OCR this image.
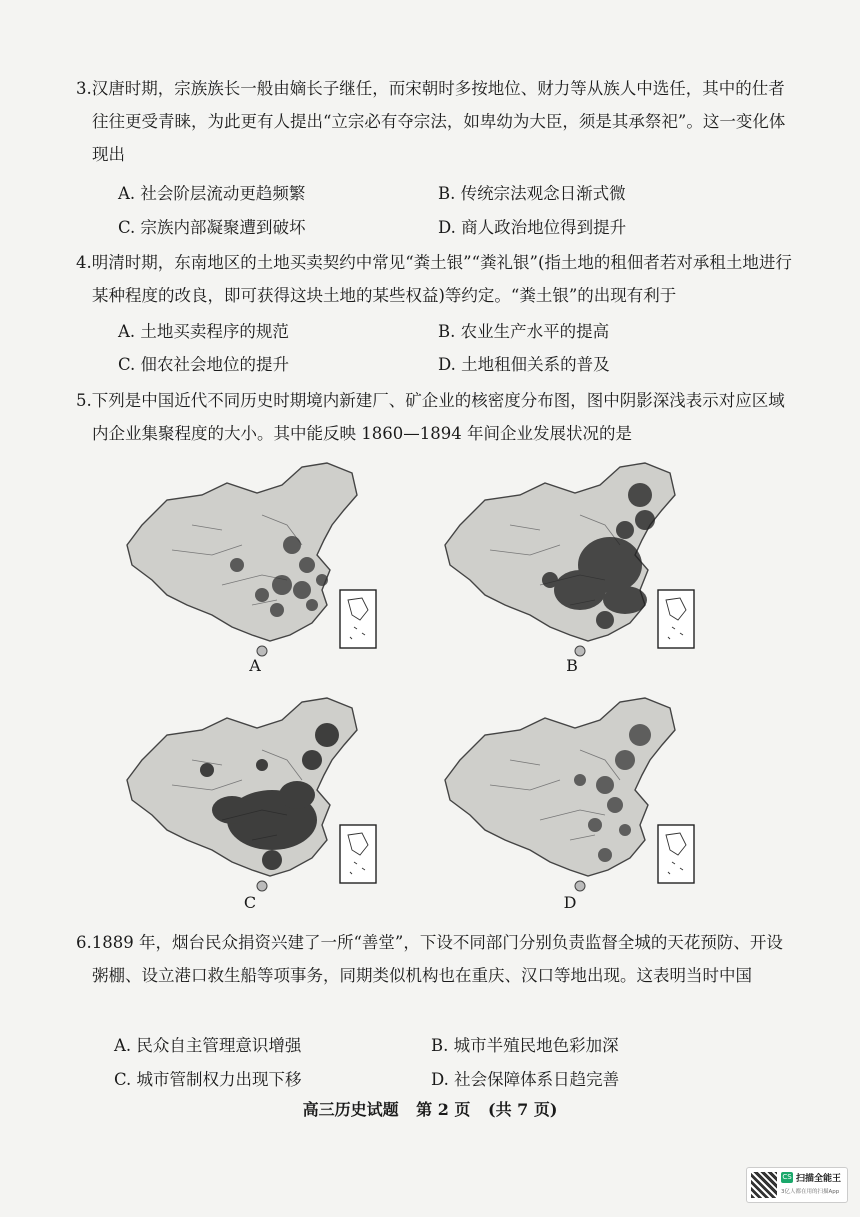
3.汉唐时期，宗族族长一般由嫡长子继任，而宋朝时多按地位、财力等从族人中选任，其中的仕者往往更受青睐，为此更有人提出“立宗必有夺宗法，如卑幼为大臣，须是其承祭祀”。这一变化体现出

A. 社会阶层流动更趋频繁	B. 传统宗法观念日渐式微
C. 宗族内部凝聚遭到破坏	D. 商人政治地位得到提升

4.明清时期，东南地区的土地买卖契约中常见“粪土银”“粪礼银”(指土地的租佃者若对承租土地进行某种程度的改良，即可获得这块土地的某些权益)等约定。“粪土银”的出现有利于

A. 土地买卖程序的规范	B. 农业生产水平的提高
C. 佃农社会地位的提升	D. 土地租佃关系的普及

5.下列是中国近代不同历史时期境内新建厂、矿企业的核密度分布图，图中阴影深浅表示对应区域内企业集聚程度的大小。其中能反映 1860—1894 年间企业发展状况的是

A	B
C	D

6.1889 年，烟台民众捐资兴建了一所“善堂”，下设不同部门分别负责监督全城的天花预防、开设粥棚、设立港口救生船等项事务，同期类似机构也在重庆、汉口等地出现。这表明当时中国

A. 民众自主管理意识增强	B. 城市半殖民地色彩加深
C. 城市管制权力出现下移	D. 社会保障体系日趋完善
高三历史试题 第 2 页 (共 7 页)
CS 扫描全能王
3亿人都在用的扫描App
